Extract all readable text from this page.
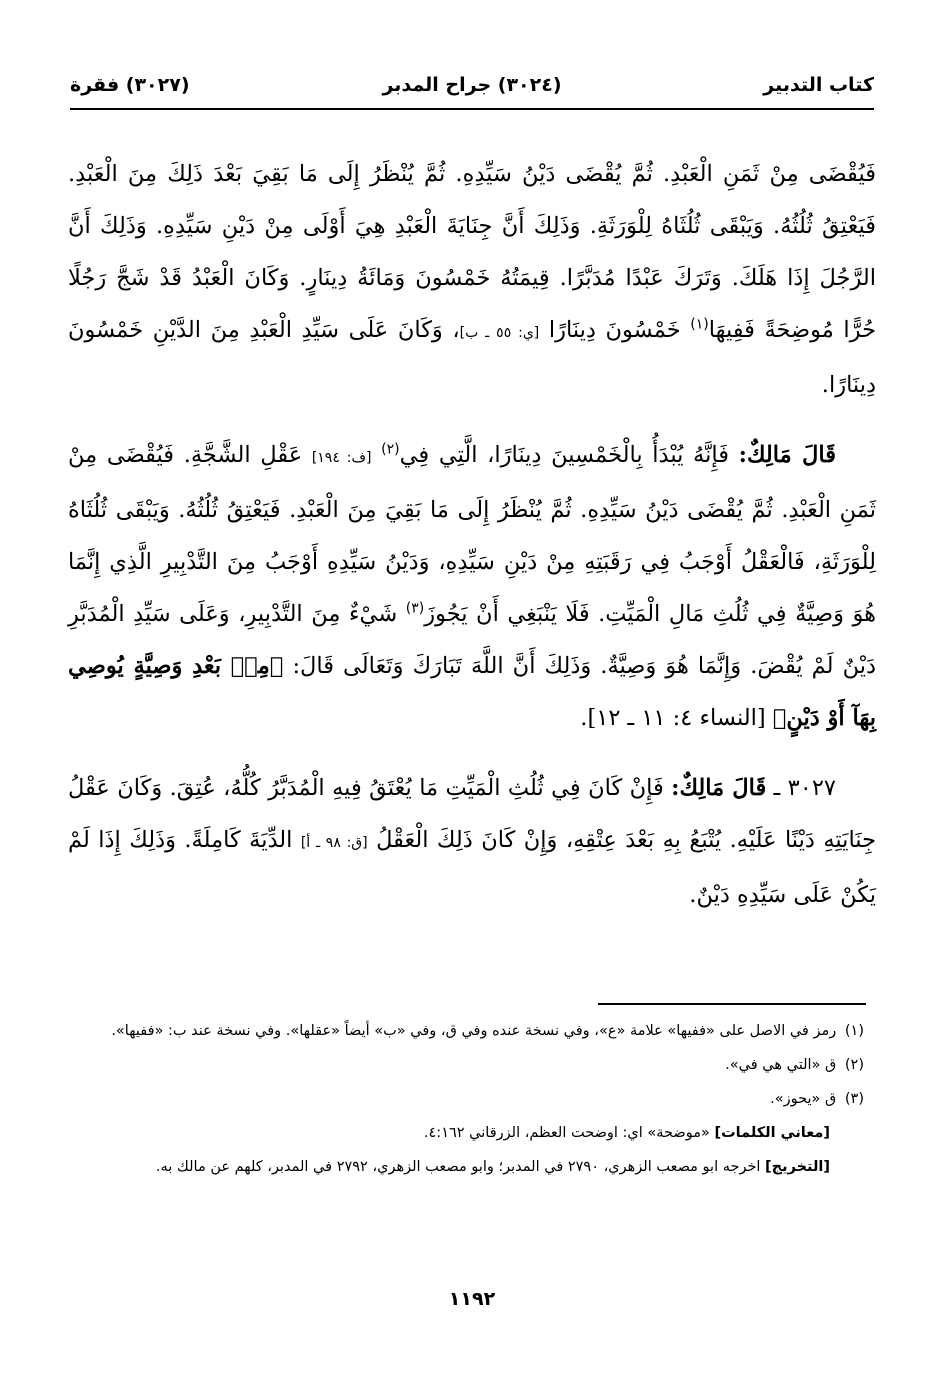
كتاب التدبير
(٣٠٢٤) جراح المدبر
(٣٠٢٧) فقرة

فَيُقْضَى مِنْ ثَمَنِ الْعَبْدِ. ثُمَّ يُقْضَى دَيْنُ سَيِّدِهِ. ثُمَّ يُنْظَرُ إِلَى مَا بَقِيَ بَعْدَ ذَلِكَ مِنَ الْعَبْدِ. فَيَعْتِقُ ثُلُثُهُ. وَيَبْقَى ثُلُثَاهُ لِلْوَرَثَةِ. وَذَلِكَ أَنَّ جِنَايَةَ الْعَبْدِ هِيَ أَوْلَى مِنْ دَيْنِ سَيِّدِهِ. وَذَلِكَ أَنَّ الرَّجُلَ إِذَا هَلَكَ. وَتَرَكَ عَبْدًا مُدَبَّرًا. قِيمَتُهُ خَمْسُونَ وَمَائَةُ دِينَارٍ. وَكَانَ الْعَبْدُ قَدْ شَجَّ رَجُلًا حُرًّا مُوضِحَةً فَفِيهَا$^{(١)}$ خَمْسُونَ دِينَارًا [ي: ٥٥ ـ ب]، وَكَانَ عَلَى سَيِّدِ الْعَبْدِ مِنَ الدَّيْنِ خَمْسُونَ دِينَارًا.

قَالَ مَالِكٌ: فَإِنَّهُ يُبْدَأُ بِالْخَمْسِينَ دِينَارًا، الَّتِي فِي$^{(٢)}$ [ف: ١٩٤] عَقْلِ الشَّجَّةِ. فَيُقْضَى مِنْ ثَمَنِ الْعَبْدِ. ثُمَّ يُقْضَى دَيْنُ سَيِّدِهِ. ثُمَّ يُنْظَرُ إِلَى مَا بَقِيَ مِنَ الْعَبْدِ. فَيَعْتِقُ ثُلُثُهُ. وَيَبْقَى ثُلُثَاهُ لِلْوَرَثَةِ، فَالْعَقْلُ أَوْجَبُ فِي رَقَبَتِهِ مِنْ دَيْنِ سَيِّدِهِ، وَدَيْنُ سَيِّدِهِ أَوْجَبُ مِنَ التَّدْبِيرِ الَّذِي إِنَّمَا هُوَ وَصِيَّةٌ فِي ثُلُثِ مَالِ الْمَيِّتِ. فَلَا يَنْبَغِي أَنْ يَجُوزَ$^{(٣)}$ شَيْءٌ مِنَ التَّدْبِيرِ، وَعَلَى سَيِّدِ الْمُدَبَّرِ دَيْنٌ لَمْ يُقْضَ. وَإِنَّمَا هُوَ وَصِيَّةٌ. وَذَلِكَ أَنَّ اللَّهَ تَبَارَكَ وَتَعَالَى قَالَ: ﴿مِنۢ بَعْدِ وَصِيَّةٍ يُوصِي بِهَآ أَوْ دَيْنٍ﴾ [النساء ٤: ١١ ـ ١٢].

٣٠٢٧ ـ قَالَ مَالِكٌ: فَإِنْ كَانَ فِي ثُلُثِ الْمَيِّتِ مَا يُعْتَقُ فِيهِ الْمُدَبَّرُ كُلُّهُ، عُتِقَ. وَكَانَ عَقْلُ جِنَايَتِهِ دَيْنًا عَلَيْهِ. يُتْبَعُ بِهِ بَعْدَ عِتْقِهِ، وَإِنْ كَانَ ذَلِكَ الْعَقْلُ [ق: ٩٨ ـ أ] الدِّيَةَ كَامِلَةً. وَذَلِكَ إِذَا لَمْ يَكُنْ عَلَى سَيِّدِهِ دَيْنٌ.

(١) رمز في الاصل على «ففيها» علامة «ع»، وفي نسخة عنده وفي ق، وفي «ب» أيضاً «عقلها». وفي نسخة عند ب: «ففيها».

(٢) ق «التي هي في».

(٣) ق «يحوز».

[معاني الكلمات] «موضحة» اي: اوضحت العظم، الزرقاني ٤:١٦٢.

[التخريج] اخرجه ابو مصعب الزهري، ٢٧٩٠ في المدبر؛ وابو مصعب الزهري، ٢٧٩٢ في المدبر، كلهم عن مالك به.

١١٩٢
